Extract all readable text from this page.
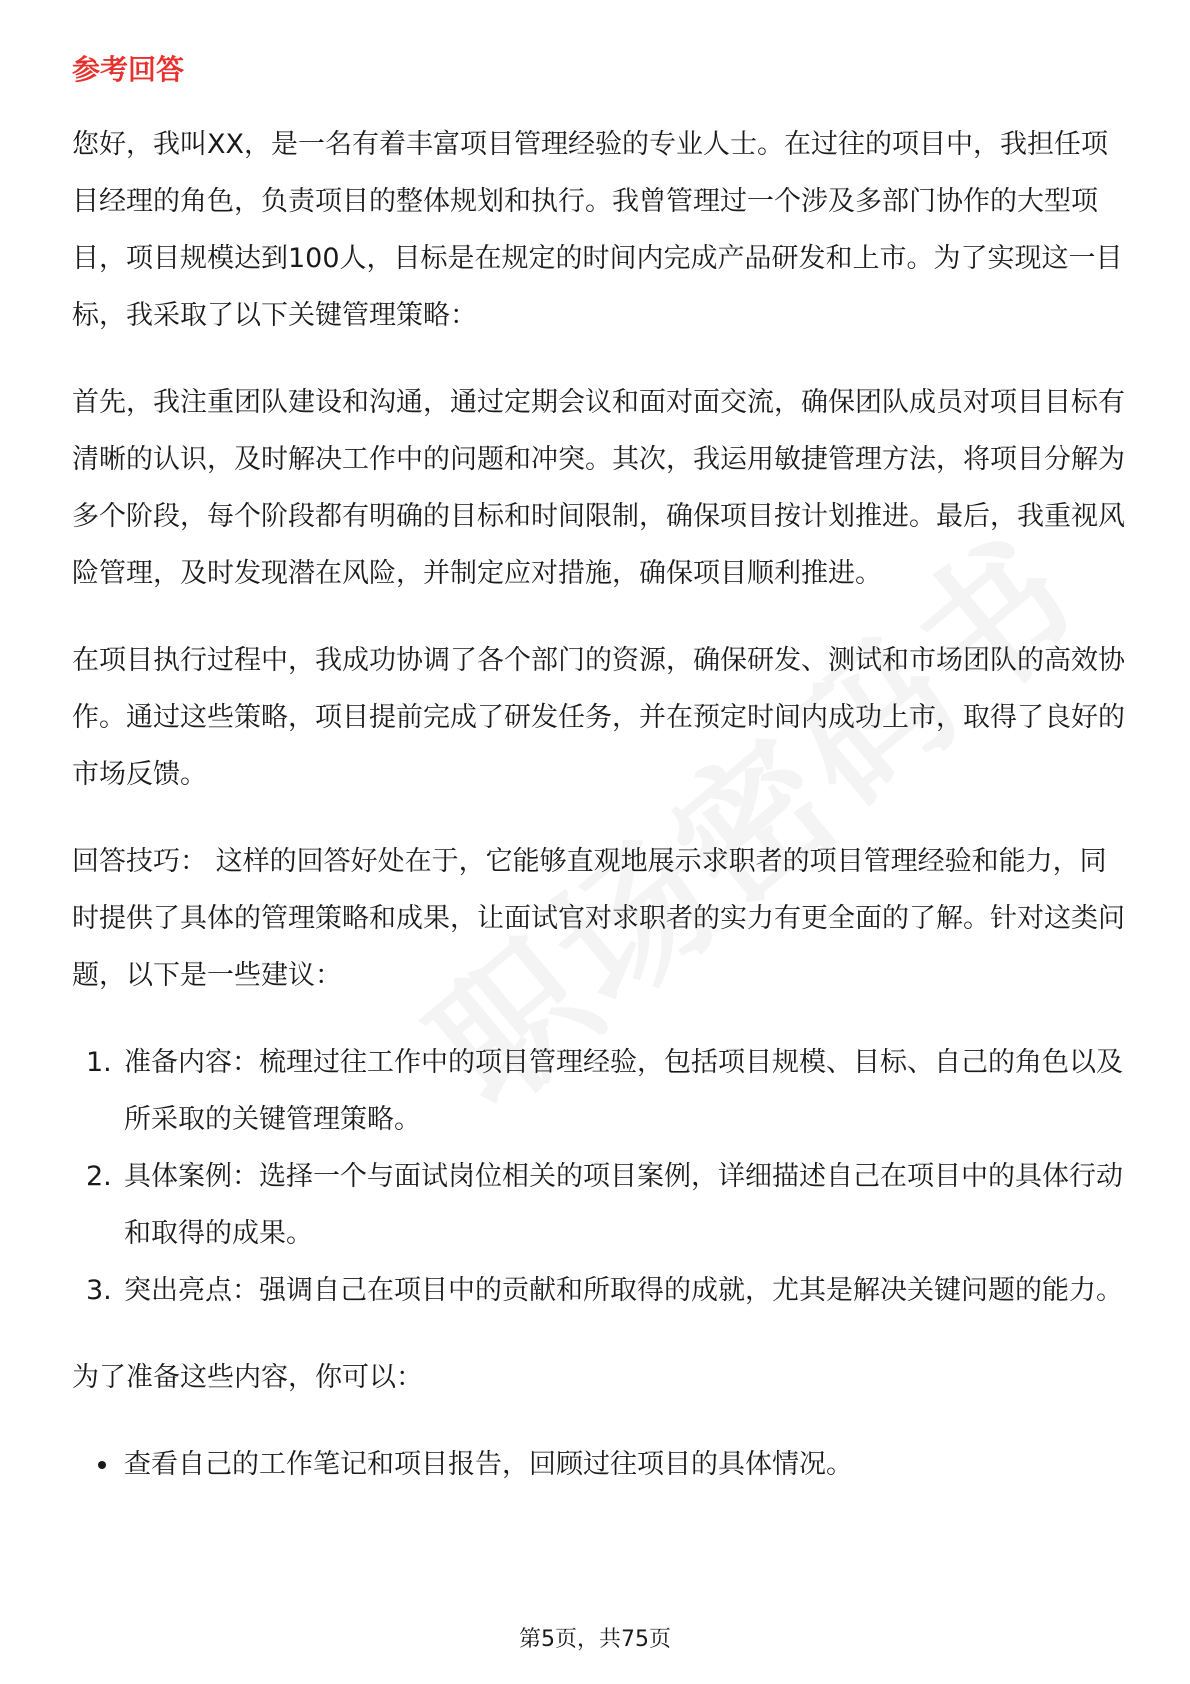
参考回答

您好，我叫XX，是一名有着丰富项目管理经验的专业人士。在过往的项目中，我担任项目经理的角色，负责项目的整体规划和执行。我曾管理过一个涉及多部门协作的大型项目，项目规模达到100人，目标是在规定的时间内完成产品研发和上市。为了实现这一目标，我采取了以下关键管理策略：

首先，我注重团队建设和沟通，通过定期会议和面对面交流，确保团队成员对项目目标有清晰的认识，及时解决工作中的问题和冲突。其次，我运用敏捷管理方法，将项目分解为多个阶段，每个阶段都有明确的目标和时间限制，确保项目按计划推进。最后，我重视风险管理，及时发现潜在风险，并制定应对措施，确保项目顺利推进。

在项目执行过程中，我成功协调了各个部门的资源，确保研发、测试和市场团队的高效协作。通过这些策略，项目提前完成了研发任务，并在预定时间内成功上市，取得了良好的市场反馈。

回答技巧： 这样的回答好处在于，它能够直观地展示求职者的项目管理经验和能力，同时提供了具体的管理策略和成果，让面试官对求职者的实力有更全面的了解。针对这类问题，以下是一些建议：

1. 准备内容：梳理过往工作中的项目管理经验，包括项目规模、目标、自己的角色以及所采取的关键管理策略。
2. 具体案例：选择一个与面试岗位相关的项目案例，详细描述自己在项目中的具体行动和取得的成果。
3. 突出亮点：强调自己在项目中的贡献和所取得的成就，尤其是解决关键问题的能力。

为了准备这些内容，你可以：

查看自己的工作笔记和项目报告，回顾过往项目的具体情况。
第5页，共75页
